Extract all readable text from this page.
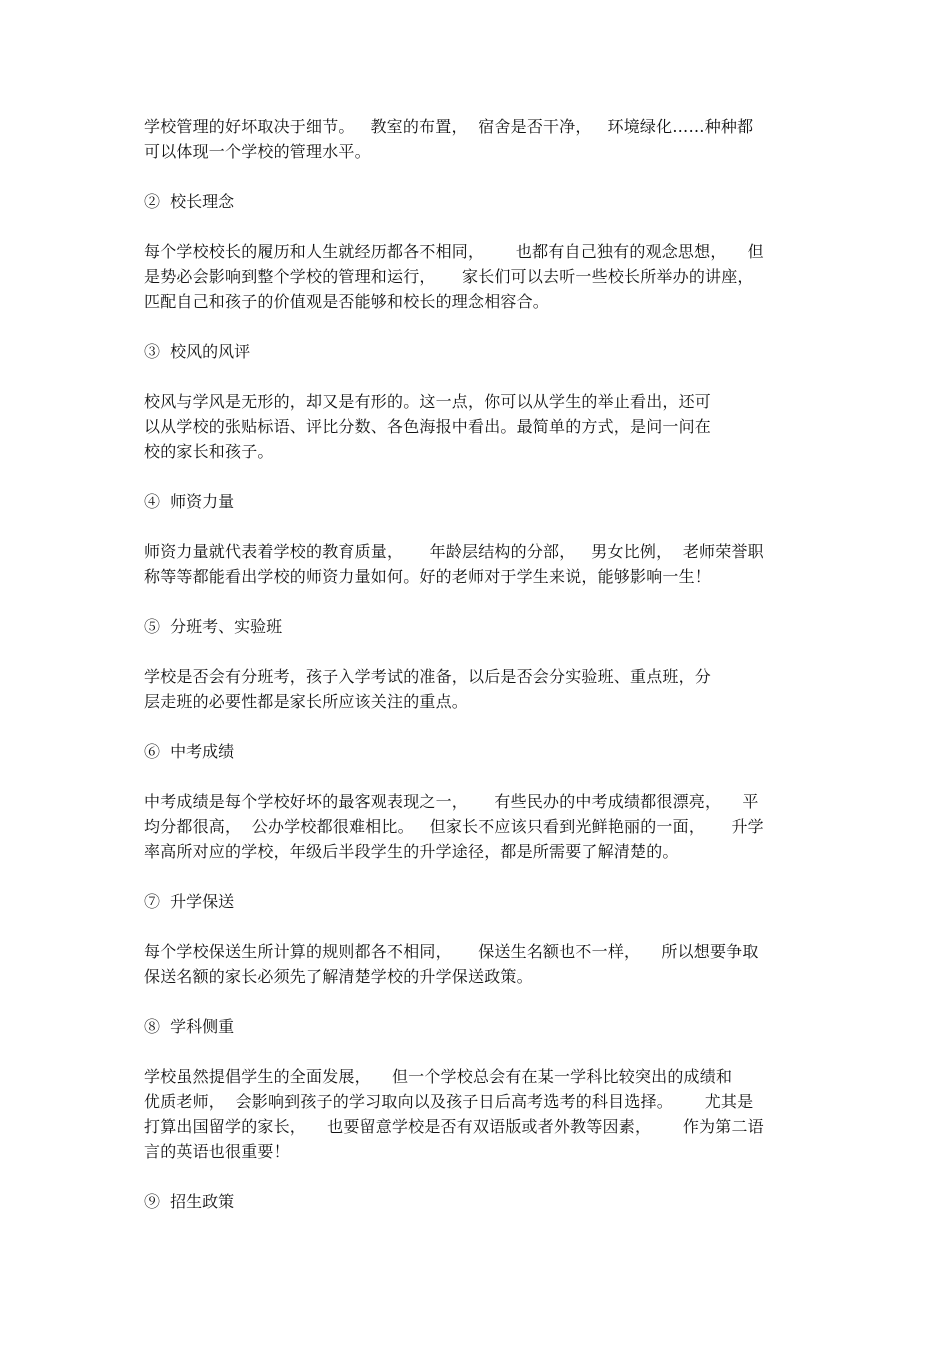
学校管理的好坏取决于细节。   教室的布置，  宿舍是否干净，   环境绿化……种种都
可以体现一个学校的管理水平。
②  校长理念
每个学校校长的履历和人生就经历都各不相同，      也都有自己独有的观念思想，    但
是势必会影响到整个学校的管理和运行，     家长们可以去听一些校长所举办的讲座，
匹配自己和孩子的价值观是否能够和校长的理念相容合。
③  校风的风评
校风与学风是无形的，却又是有形的。这一点，你可以从学生的举止看出，还可
以从学校的张贴标语、评比分数、各色海报中看出。最简单的方式，是问一问在
校的家长和孩子。
④  师资力量
师资力量就代表着学校的教育质量，     年龄层结构的分部，   男女比例，  老师荣誉职
称等等都能看出学校的师资力量如何。好的老师对于学生来说，能够影响一生！
⑤  分班考、实验班
学校是否会有分班考，孩子入学考试的准备，以后是否会分实验班、重点班，分
层走班的必要性都是家长所应该关注的重点。
⑥  中考成绩
中考成绩是每个学校好坏的最客观表现之一，     有些民办的中考成绩都很漂亮，    平
均分都很高，  公办学校都很难相比。   但家长不应该只看到光鲜艳丽的一面，     升学
率高所对应的学校，年级后半段学生的升学途径，都是所需要了解清楚的。
⑦  升学保送
每个学校保送生所计算的规则都各不相同，     保送生名额也不一样，    所以想要争取
保送名额的家长必须先了解清楚学校的升学保送政策。
⑧  学科侧重
学校虽然提倡学生的全面发展，    但一个学校总会有在某一学科比较突出的成绩和
优质老师，  会影响到孩子的学习取向以及孩子日后高考选考的科目选择。      尤其是
打算出国留学的家长，    也要留意学校是否有双语版或者外教等因素，      作为第二语
言的英语也很重要！
⑨  招生政策
